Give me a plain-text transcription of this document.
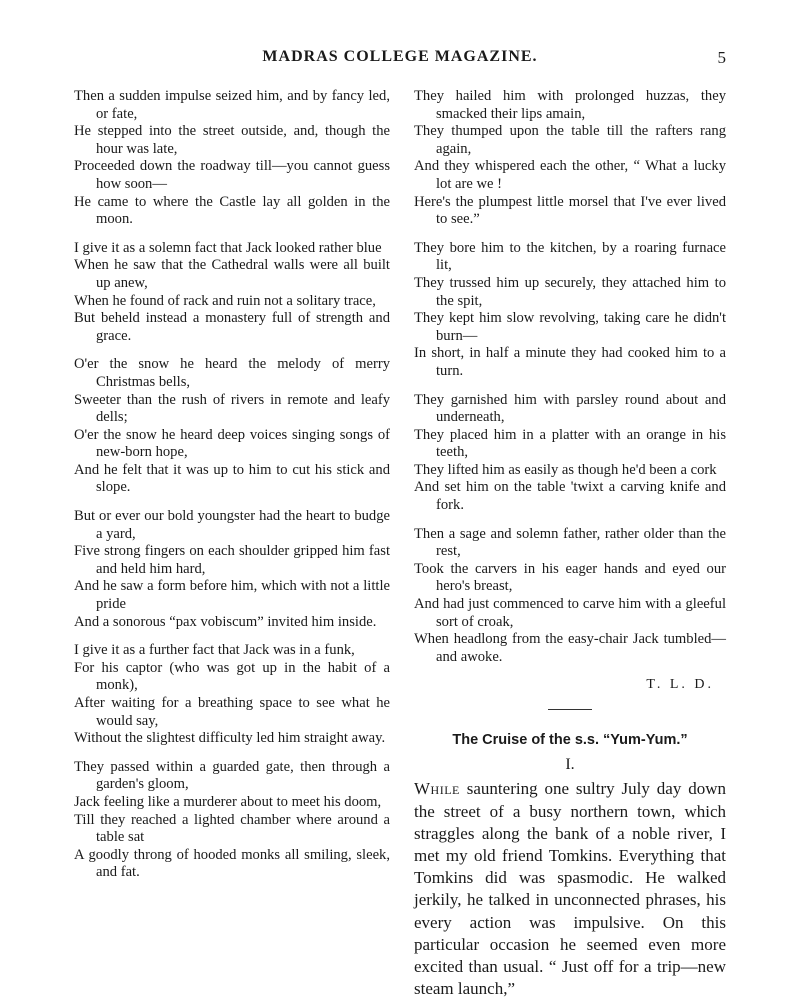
MADRAS COLLEGE MAGAZINE.	5
Then a sudden impulse seized him, and by fancy led, or fate,
He stepped into the street outside, and, though the hour was late,
Proceeded down the roadway till—you cannot guess how soon—
He came to where the Castle lay all golden in the moon.
I give it as a solemn fact that Jack looked rather blue
When he saw that the Cathedral walls were all built up anew,
When he found of rack and ruin not a solitary trace,
But beheld instead a monastery full of strength and grace.
O'er the snow he heard the melody of merry Christmas bells,
Sweeter than the rush of rivers in remote and leafy dells;
O'er the snow he heard deep voices singing songs of new-born hope,
And he felt that it was up to him to cut his stick and slope.
But or ever our bold youngster had the heart to budge a yard,
Five strong fingers on each shoulder gripped him fast and held him hard,
And he saw a form before him, which with not a little pride
And a sonorous “pax vobiscum” invited him inside.
I give it as a further fact that Jack was in a funk,
For his captor (who was got up in the habit of a monk),
After waiting for a breathing space to see what he would say,
Without the slightest difficulty led him straight away.
They passed within a guarded gate, then through a garden's gloom,
Jack feeling like a murderer about to meet his doom,
Till they reached a lighted chamber where around a table sat
A goodly throng of hooded monks all smiling, sleek, and fat.
They hailed him with prolonged huzzas, they smacked their lips amain,
They thumped upon the table till the rafters rang again,
And they whispered each the other, “ What a lucky lot are we !
Here's the plumpest little morsel that I've ever lived to see.”
They bore him to the kitchen, by a roaring furnace lit,
They trussed him up securely, they attached him to the spit,
They kept him slow revolving, taking care he didn't burn—
In short, in half a minute they had cooked him to a turn.
They garnished him with parsley round about and underneath,
They placed him in a platter with an orange in his teeth,
They lifted him as easily as though he'd been a cork
And set him on the table 'twixt a carving knife and fork.
Then a sage and solemn father, rather older than the rest,
Took the carvers in his eager hands and eyed our hero's breast,
And had just commenced to carve him with a gleeful sort of croak,
When headlong from the easy-chair Jack tumbled—and awoke.
T. L. D.
The Cruise of the s.s. “Yum-Yum.”
I.
While sauntering one sultry July day down the street of a busy northern town, which straggles along the bank of a noble river, I met my old friend Tomkins. Everything that Tomkins did was spasmodic. He walked jerkily, he talked in unconnected phrases, his every action was impulsive. On this particular occasion he seemed even more excited than usual. “ Just off for a trip—new steam launch,”
